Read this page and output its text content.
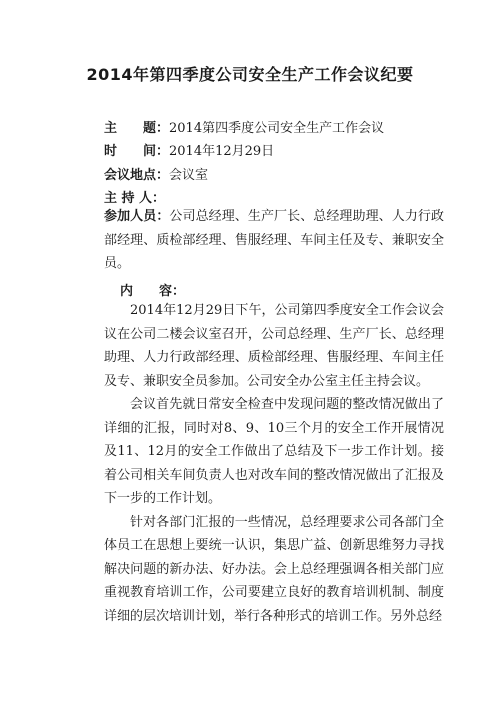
2014年第四季度公司安全生产工作会议纪要
主　　题：2014第四季度公司安全生产工作会议
时　　间：2014年12月29日
会议地点：会议室
主 持 人：

参加人员：公司总经理、生产厂长、总经理助理、人力行政部经理、质检部经理、售服经理、车间主任及专、兼职安全员。

内　　容：

2014年12月29日下午，公司第四季度安全工作会议会议在公司二楼会议室召开，公司总经理、生产厂长、总经理助理、人力行政部经理、质检部经理、售服经理、车间主任及专、兼职安全员参加。公司安全办公室主任主持会议。

会议首先就日常安全检查中发现问题的整改情况做出了详细的汇报，同时对8、9、10三个月的安全工作开展情况及11、12月的安全工作做出了总结及下一步工作计划。接着公司相关车间负责人也对改车间的整改情况做出了汇报及下一步的工作计划。

针对各部门汇报的一些情况，总经理要求公司各部门全体员工在思想上要统一认识，集思广益、创新思维努力寻找解决问题的新办法、好办法。会上总经理强调各相关部门应重视教育培训工作，公司要建立良好的教育培训机制、制度详细的层次培训计划，举行各种形式的培训工作。另外总经
